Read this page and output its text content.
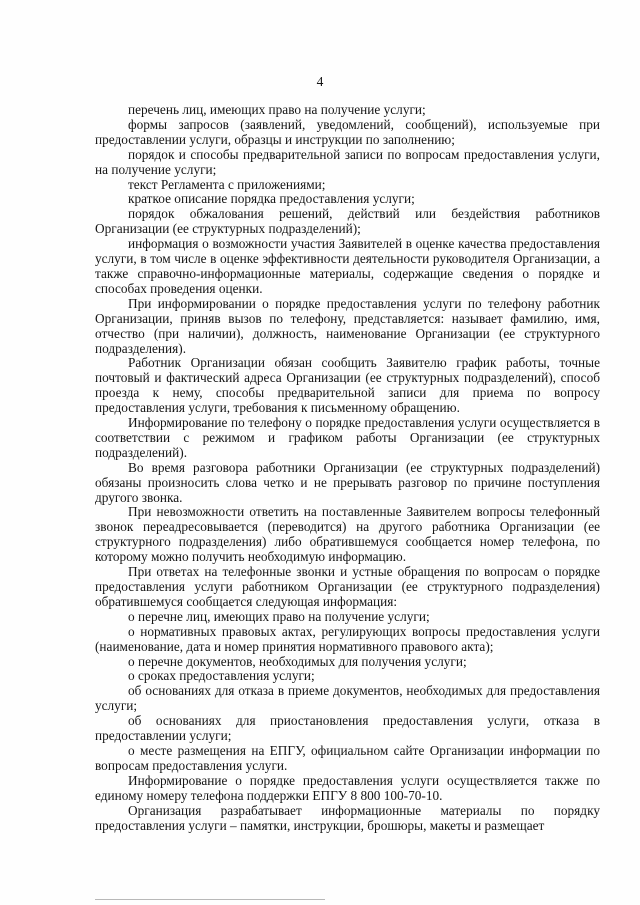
4

перечень лиц, имеющих право на получение услуги;

формы запросов (заявлений, уведомлений, сообщений), используемые при предоставлении услуги, образцы и инструкции по заполнению;

порядок и способы предварительной записи по вопросам предоставления услуги, на получение услуги;

текст Регламента с приложениями;

краткое описание порядка предоставления услуги;

порядок обжалования решений, действий или бездействия работников Организации (ее структурных подразделений);

информация о возможности участия Заявителей в оценке качества предоставления услуги, в том числе в оценке эффективности деятельности руководителя Организации, а также справочно-информационные материалы, содержащие сведения о порядке и способах проведения оценки.

При информировании о порядке предоставления услуги по телефону работник Организации, приняв вызов по телефону, представляется: называет фамилию, имя, отчество (при наличии), должность, наименование Организации (ее структурного подразделения).

Работник Организации обязан сообщить Заявителю график работы, точные почтовый и фактический адреса Организации (ее структурных подразделений), способ проезда к нему, способы предварительной записи для приема по вопросу предоставления услуги, требования к письменному обращению.

Информирование по телефону о порядке предоставления услуги осуществляется в соответствии с режимом и графиком работы Организации (ее структурных подразделений).

Во время разговора работники Организации (ее структурных подразделений) обязаны произносить слова четко и не прерывать разговор по причине поступления другого звонка.

При невозможности ответить на поставленные Заявителем вопросы телефонный звонок переадресовывается (переводится) на другого работника Организации (ее структурного подразделения) либо обратившемуся сообщается номер телефона, по которому можно получить необходимую информацию.

При ответах на телефонные звонки и устные обращения по вопросам о порядке предоставления услуги работником Организации (ее структурного подразделения) обратившемуся сообщается следующая информация:

о перечне лиц, имеющих право на получение услуги;

о нормативных правовых актах, регулирующих вопросы предоставления услуги (наименование, дата и номер принятия нормативного правового акта);

о перечне документов, необходимых для получения услуги;

о сроках предоставления услуги;

об основаниях для отказа в приеме документов, необходимых для предоставления услуги;

об основаниях для приостановления предоставления услуги, отказа в предоставлении услуги;

о месте размещения на ЕПГУ, официальном сайте Организации информации по вопросам предоставления услуги.

Информирование о порядке предоставления услуги осуществляется также по единому номеру телефона поддержки ЕПГУ 8 800 100-70-10.

Организация разрабатывает информационные материалы по порядку предоставления услуги – памятки, инструкции, брошюры, макеты и размещает
